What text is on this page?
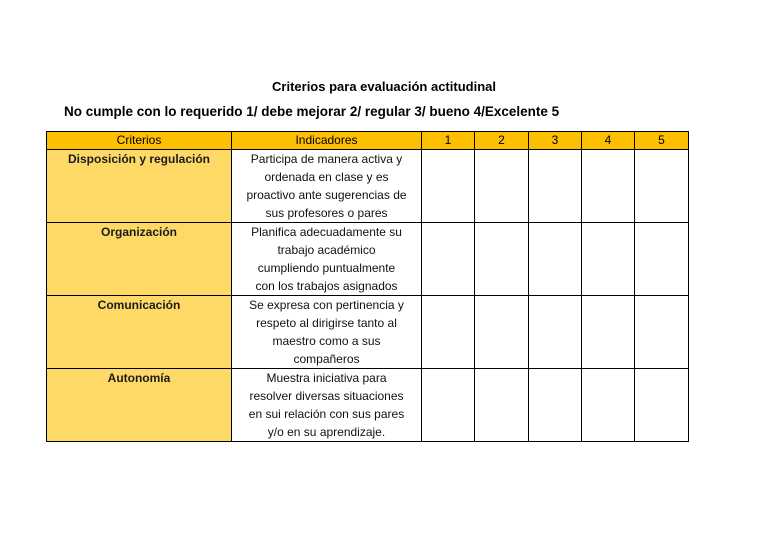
Criterios para evaluación actitudinal
No cumple con lo requerido 1/ debe mejorar 2/ regular 3/ bueno 4/Excelente 5
Criterios	Indicadores	1	2	3	4	5
Disposición y regulación	Participa de manera activa y
ordenada en clase y es
proactivo ante sugerencias de
sus profesores o pares					

Organización	Planifica adecuadamente su
trabajo académico
cumpliendo puntualmente
con los trabajos asignados					

Comunicación	Se expresa con pertinencia y
respeto al dirigirse tanto al
maestro como a sus
compañeros					

Autonomía	Muestra iniciativa para
resolver diversas situaciones
en sui relación con sus pares
y/o en su aprendizaje.					
